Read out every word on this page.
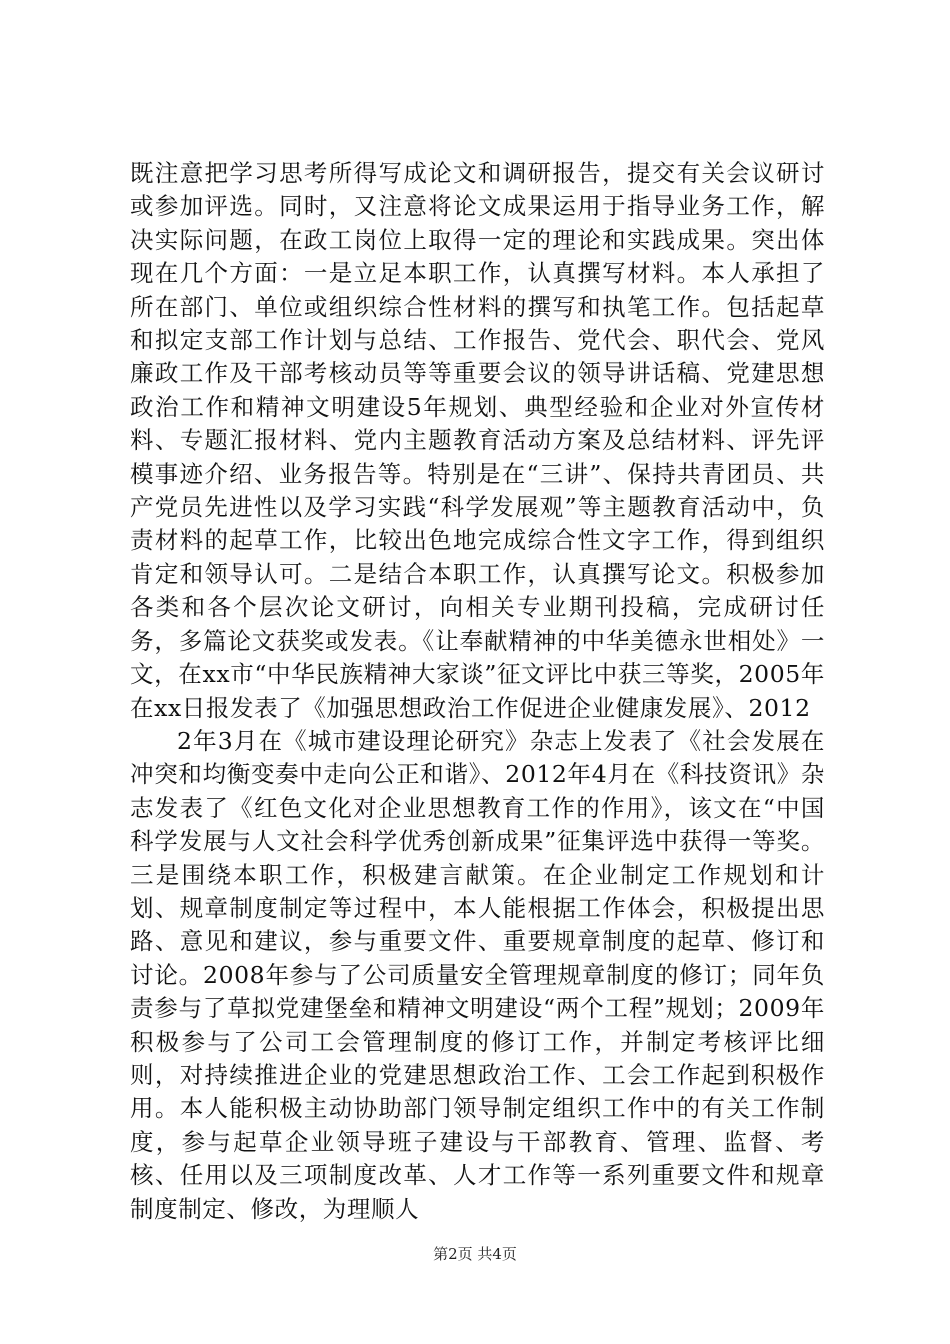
既注意把学习思考所得写成论文和调研报告，提交有关会议研讨或参加评选。同时，又注意将论文成果运用于指导业务工作，解决实际问题，在政工岗位上取得一定的理论和实践成果。突出体现在几个方面：一是立足本职工作，认真撰写材料。本人承担了所在部门、单位或组织综合性材料的撰写和执笔工作。包括起草和拟定支部工作计划与总结、工作报告、党代会、职代会、党风廉政工作及干部考核动员等等重要会议的领导讲话稿、党建思想政治工作和精神文明建设5年规划、典型经验和企业对外宣传材料、专题汇报材料、党内主题教育活动方案及总结材料、评先评模事迹介绍、业务报告等。特别是在“三讲”、保持共青团员、共产党员先进性以及学习实践“科学发展观”等主题教育活动中，负责材料的起草工作，比较出色地完成综合性文字工作，得到组织肯定和领导认可。二是结合本职工作，认真撰写论文。积极参加各类和各个层次论文研讨，向相关专业期刊投稿，完成研讨任务，多篇论文获奖或发表。《让奉献精神的中华美德永世相处》一文，在xx市“中华民族精神大家谈”征文评比中获三等奖，2005年在xx日报发表了《加强思想政治工作促进企业健康发展》、2012

2年3月在《城市建设理论研究》杂志上发表了《社会发展在冲突和均衡变奏中走向公正和谐》、2012年4月在《科技资讯》杂志发表了《红色文化对企业思想教育工作的作用》，该文在“中国科学发展与人文社会科学优秀创新成果”征集评选中获得一等奖。三是围绕本职工作，积极建言献策。在企业制定工作规划和计划、规章制度制定等过程中，本人能根据工作体会，积极提出思路、意见和建议，参与重要文件、重要规章制度的起草、修订和讨论。2008年参与了公司质量安全管理规章制度的修订；同年负责参与了草拟党建堡垒和精神文明建设“两个工程”规划；2009年积极参与了公司工会管理制度的修订工作，并制定考核评比细则，对持续推进企业的党建思想政治工作、工会工作起到积极作用。本人能积极主动协助部门领导制定组织工作中的有关工作制度，参与起草企业领导班子建设与干部教育、管理、监督、考核、任用以及三项制度改革、人才工作等一系列重要文件和规章制度制定、修改，为理顺人

第2页 共4页
